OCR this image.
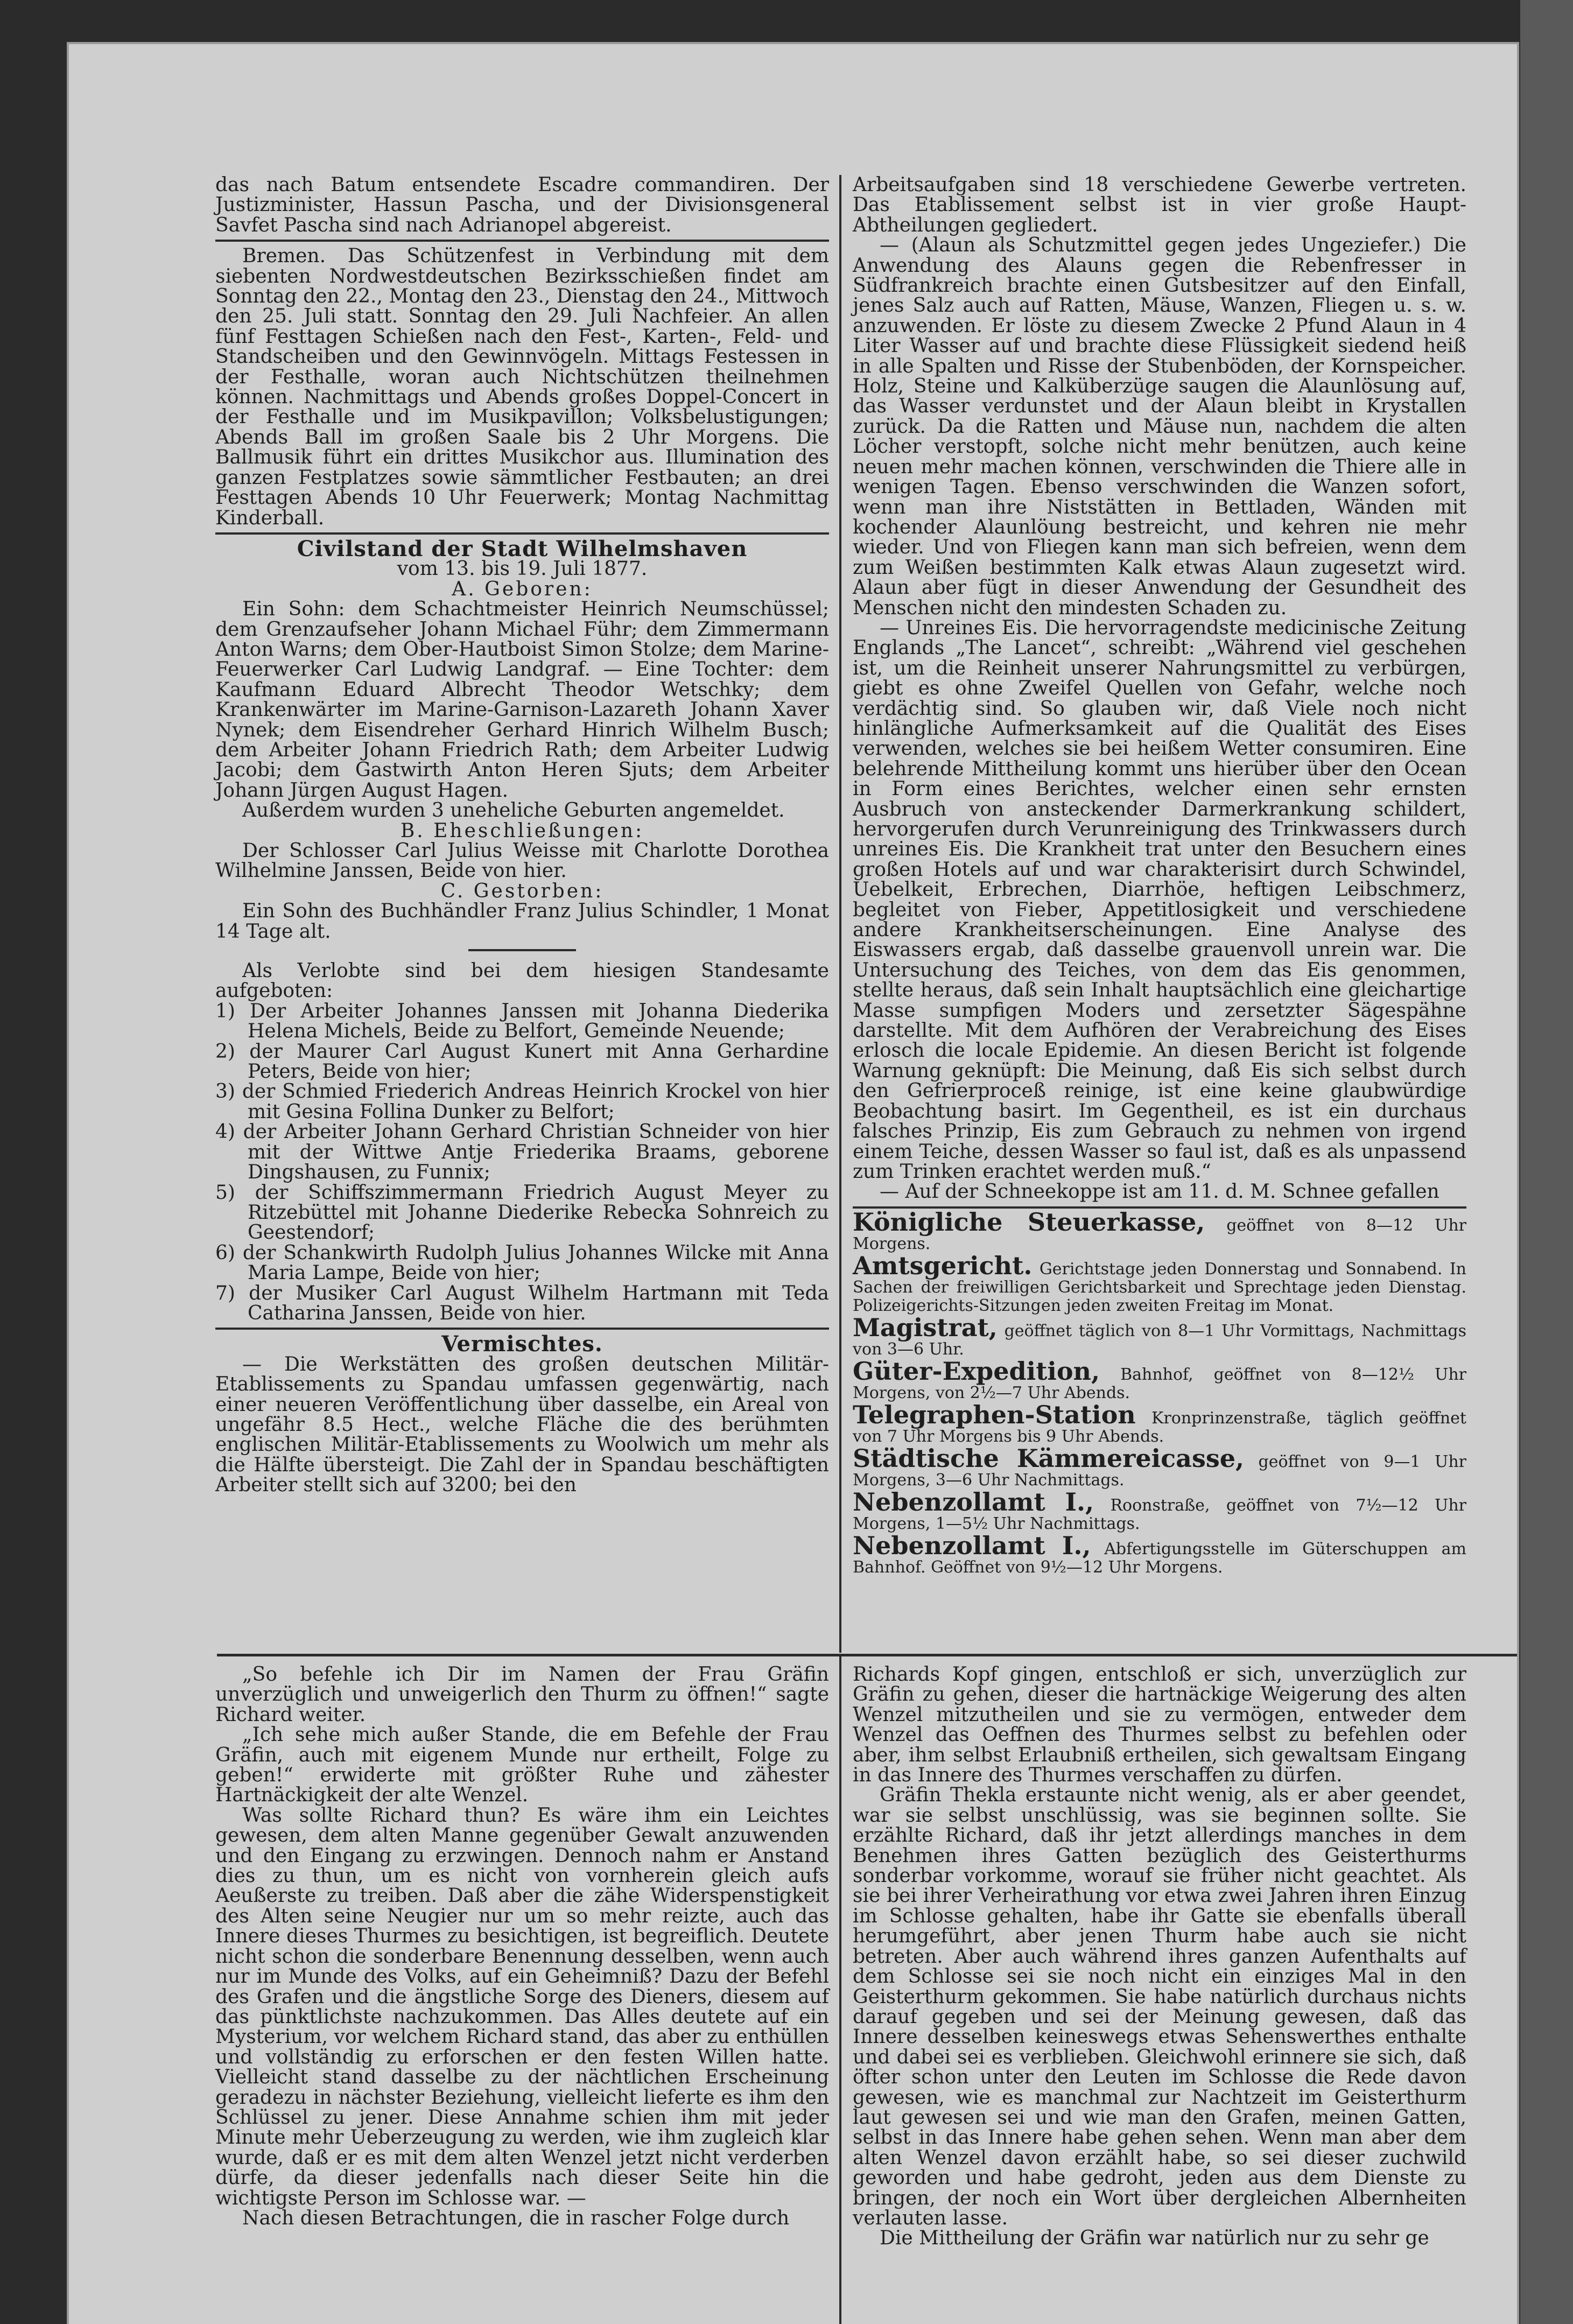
das nach Batum entsendete Escadre commandiren. Der Justizminister, Hassun Pascha, und der Divisionsgeneral Savfet Pascha sind nach Adrianopel abgereist.

Bremen. Das Schützenfest in Verbindung mit dem siebenten Nordwestdeutschen Bezirksschießen findet am Sonntag den 22., Montag den 23., Dienstag den 24., Mittwoch den 25. Juli statt. Sonntag den 29. Juli Nachfeier. An allen fünf Festtagen Schießen nach den Fest-, Karten-, Feld- und Standscheiben und den Gewinnvögeln. Mittags Festessen in der Festhalle, woran auch Nichtschützen theilnehmen können. Nachmittags und Abends großes Doppel-Concert in der Festhalle und im Musikpavillon; Volksbelustigungen; Abends Ball im großen Saale bis 2 Uhr Morgens. Die Ballmusik führt ein drittes Musikchor aus. Illumination des ganzen Festplatzes sowie sämmtlicher Festbauten; an drei Festtagen Abends 10 Uhr Feuerwerk; Montag Nachmittag Kinderball.

Civilstand der Stadt Wilhelmshaven
vom 13. bis 19. Juli 1877.
A. Geboren:

Ein Sohn: dem Schachtmeister Heinrich Neumschüssel; dem Grenzaufseher Johann Michael Führ; dem Zimmermann Anton Warns; dem Ober-Hautboist Simon Stolze; dem Marine-Feuerwerker Carl Ludwig Landgraf. — Eine Tochter: dem Kaufmann Eduard Albrecht Theodor Wetschky; dem Krankenwärter im Marine-Garnison-Lazareth Johann Xaver Nynek; dem Eisendreher Gerhard Hinrich Wilhelm Busch; dem Arbeiter Johann Friedrich Rath; dem Arbeiter Ludwig Jacobi; dem Gastwirth Anton Heren Sjuts; dem Arbeiter Johann Jürgen August Hagen.

Außerdem wurden 3 uneheliche Geburten angemeldet.

B. Eheschließungen:

Der Schlosser Carl Julius Weisse mit Charlotte Dorothea Wilhelmine Janssen, Beide von hier.

C. Gestorben:

Ein Sohn des Buchhändler Franz Julius Schindler, 1 Monat 14 Tage alt.

Als Verlobte sind bei dem hiesigen Standesamte aufgeboten:

1) Der Arbeiter Johannes Janssen mit Johanna Diederika Helena Michels, Beide zu Belfort, Gemeinde Neuende;

2) der Maurer Carl August Kunert mit Anna Gerhardine Peters, Beide von hier;

3) der Schmied Friederich Andreas Heinrich Krockel von hier mit Gesina Follina Dunker zu Belfort;

4) der Arbeiter Johann Gerhard Christian Schneider von hier mit der Wittwe Antje Friederika Braams, geborene Dingshausen, zu Funnix;

5) der Schiffszimmermann Friedrich August Meyer zu Ritzebüttel mit Johanne Diederike Rebecka Sohnreich zu Geestendorf;

6) der Schankwirth Rudolph Julius Johannes Wilcke mit Anna Maria Lampe, Beide von hier;

7) der Musiker Carl August Wilhelm Hartmann mit Teda Catharina Janssen, Beide von hier.

Vermischtes.

— Die Werkstätten des großen deutschen Militär-Etablissements zu Spandau umfassen gegenwärtig, nach einer neueren Veröffentlichung über dasselbe, ein Areal von ungefähr 8.5 Hect., welche Fläche die des berühmten englischen Militär-Etablissements zu Woolwich um mehr als die Hälfte übersteigt. Die Zahl der in Spandau beschäftigten Arbeiter stellt sich auf 3200; bei den

Arbeitsaufgaben sind 18 verschiedene Gewerbe vertreten. Das Etablissement selbst ist in vier große Haupt-Abtheilungen gegliedert.

— (Alaun als Schutzmittel gegen jedes Ungeziefer.) Die Anwendung des Alauns gegen die Rebenfresser in Südfrankreich brachte einen Gutsbesitzer auf den Einfall, jenes Salz auch auf Ratten, Mäuse, Wanzen, Fliegen u. s. w. anzuwenden. Er löste zu diesem Zwecke 2 Pfund Alaun in 4 Liter Wasser auf und brachte diese Flüssigkeit siedend heiß in alle Spalten und Risse der Stubenböden, der Kornspeicher. Holz, Steine und Kalküberzüge saugen die Alaunlösung auf, das Wasser verdunstet und der Alaun bleibt in Krystallen zurück. Da die Ratten und Mäuse nun, nachdem die alten Löcher verstopft, solche nicht mehr benützen, auch keine neuen mehr machen können, verschwinden die Thiere alle in wenigen Tagen. Ebenso verschwinden die Wanzen sofort, wenn man ihre Niststätten in Bettladen, Wänden mit kochender Alaunlöung bestreicht, und kehren nie mehr wieder. Und von Fliegen kann man sich befreien, wenn dem zum Weißen bestimmten Kalk etwas Alaun zugesetzt wird. Alaun aber fügt in dieser Anwendung der Gesundheit des Menschen nicht den mindesten Schaden zu.

— Unreines Eis. Die hervorragendste medicinische Zeitung Englands „The Lancet“, schreibt: „Während viel geschehen ist, um die Reinheit unserer Nahrungsmittel zu verbürgen, giebt es ohne Zweifel Quellen von Gefahr, welche noch verdächtig sind. So glauben wir, daß Viele noch nicht hinlängliche Aufmerksamkeit auf die Qualität des Eises verwenden, welches sie bei heißem Wetter consumiren. Eine belehrende Mittheilung kommt uns hierüber über den Ocean in Form eines Berichtes, welcher einen sehr ernsten Ausbruch von ansteckender Darmerkrankung schildert, hervorgerufen durch Verunreinigung des Trinkwassers durch unreines Eis. Die Krankheit trat unter den Besuchern eines großen Hotels auf und war charakterisirt durch Schwindel, Uebelkeit, Erbrechen, Diarrhöe, heftigen Leibschmerz, begleitet von Fieber, Appetitlosigkeit und verschiedene andere Krankheitserscheinungen. Eine Analyse des Eiswassers ergab, daß dasselbe grauenvoll unrein war. Die Untersuchung des Teiches, von dem das Eis genommen, stellte heraus, daß sein Inhalt hauptsächlich eine gleichartige Masse sumpfigen Moders und zersetzter Sägespähne darstellte. Mit dem Aufhören der Verabreichung des Eises erlosch die locale Epidemie. An diesen Bericht ist folgende Warnung geknüpft: Die Meinung, daß Eis sich selbst durch den Gefrierproceß reinige, ist eine keine glaubwürdige Beobachtung basirt. Im Gegentheil, es ist ein durchaus falsches Prinzip, Eis zum Gebrauch zu nehmen von irgend einem Teiche, dessen Wasser so faul ist, daß es als unpassend zum Trinken erachtet werden muß.“

— Auf der Schneekoppe ist am 11. d. M. Schnee gefallen

Königliche Steuerkasse, geöffnet von 8—12 Uhr Morgens.
Amtsgericht. Gerichtstage jeden Donnerstag und Sonnabend. In Sachen der freiwilligen Gerichtsbarkeit und Sprechtage jeden Dienstag. Polizeigerichts-Sitzungen jeden zweiten Freitag im Monat.
Magistrat, geöffnet täglich von 8—1 Uhr Vormittags, Nachmittags von 3—6 Uhr.
Güter-Expedition, Bahnhof, geöffnet von 8—12½ Uhr Morgens, von 2½—7 Uhr Abends.
Telegraphen-Station Kronprinzenstraße, täglich geöffnet von 7 Uhr Morgens bis 9 Uhr Abends.
Städtische Kämmereicasse, geöffnet von 9—1 Uhr Morgens, 3—6 Uhr Nachmittags.
Nebenzollamt I., Roonstraße, geöffnet von 7½—12 Uhr Morgens, 1—5½ Uhr Nachmittags.
Nebenzollamt I., Abfertigungsstelle im Güterschuppen am Bahnhof. Geöffnet von 9½—12 Uhr Morgens.

„So befehle ich Dir im Namen der Frau Gräfin unverzüglich und unweigerlich den Thurm zu öffnen!“ sagte Richard weiter.

„Ich sehe mich außer Stande, die em Befehle der Frau Gräfin, auch mit eigenem Munde nur ertheilt, Folge zu geben!“ erwiderte mit größter Ruhe und zähester Hartnäckigkeit der alte Wenzel.

Was sollte Richard thun? Es wäre ihm ein Leichtes gewesen, dem alten Manne gegenüber Gewalt anzuwenden und den Eingang zu erzwingen. Dennoch nahm er Anstand dies zu thun, um es nicht von vornherein gleich aufs Aeußerste zu treiben. Daß aber die zähe Widerspenstigkeit des Alten seine Neugier nur um so mehr reizte, auch das Innere dieses Thurmes zu besichtigen, ist begreiflich. Deutete nicht schon die sonderbare Benennung desselben, wenn auch nur im Munde des Volks, auf ein Geheimniß? Dazu der Befehl des Grafen und die ängstliche Sorge des Dieners, diesem auf das pünktlichste nachzukommen. Das Alles deutete auf ein Mysterium, vor welchem Richard stand, das aber zu enthüllen und vollständig zu erforschen er den festen Willen hatte. Vielleicht stand dasselbe zu der nächtlichen Erscheinung geradezu in nächster Beziehung, vielleicht lieferte es ihm den Schlüssel zu jener. Diese Annahme schien ihm mit jeder Minute mehr Ueberzeugung zu werden, wie ihm zugleich klar wurde, daß er es mit dem alten Wenzel jetzt nicht verderben dürfe, da dieser jedenfalls nach dieser Seite hin die wichtigste Person im Schlosse war. —

Nach diesen Betrachtungen, die in rascher Folge durch

Richards Kopf gingen, entschloß er sich, unverzüglich zur Gräfin zu gehen, dieser die hartnäckige Weigerung des alten Wenzel mitzutheilen und sie zu vermögen, entweder dem Wenzel das Oeffnen des Thurmes selbst zu befehlen oder aber, ihm selbst Erlaubniß ertheilen, sich gewaltsam Eingang in das Innere des Thurmes verschaffen zu dürfen.

Gräfin Thekla erstaunte nicht wenig, als er aber geendet, war sie selbst unschlüssig, was sie beginnen sollte. Sie erzählte Richard, daß ihr jetzt allerdings manches in dem Benehmen ihres Gatten bezüglich des Geisterthurms sonderbar vorkomme, worauf sie früher nicht geachtet. Als sie bei ihrer Verheirathung vor etwa zwei Jahren ihren Einzug im Schlosse gehalten, habe ihr Gatte sie ebenfalls überall herumgeführt, aber jenen Thurm habe auch sie nicht betreten. Aber auch während ihres ganzen Aufenthalts auf dem Schlosse sei sie noch nicht ein einziges Mal in den Geisterthurm gekommen. Sie habe natürlich durchaus nichts darauf gegeben und sei der Meinung gewesen, daß das Innere desselben keineswegs etwas Sehenswerthes enthalte und dabei sei es verblieben. Gleichwohl erinnere sie sich, daß öfter schon unter den Leuten im Schlosse die Rede davon gewesen, wie es manchmal zur Nachtzeit im Geisterthurm laut gewesen sei und wie man den Grafen, meinen Gatten, selbst in das Innere habe gehen sehen. Wenn man aber dem alten Wenzel davon erzählt habe, so sei dieser zuchwild geworden und habe gedroht, jeden aus dem Dienste zu bringen, der noch ein Wort über dergleichen Albernheiten verlauten lasse.

Die Mittheilung der Gräfin war natürlich nur zu sehr ge
